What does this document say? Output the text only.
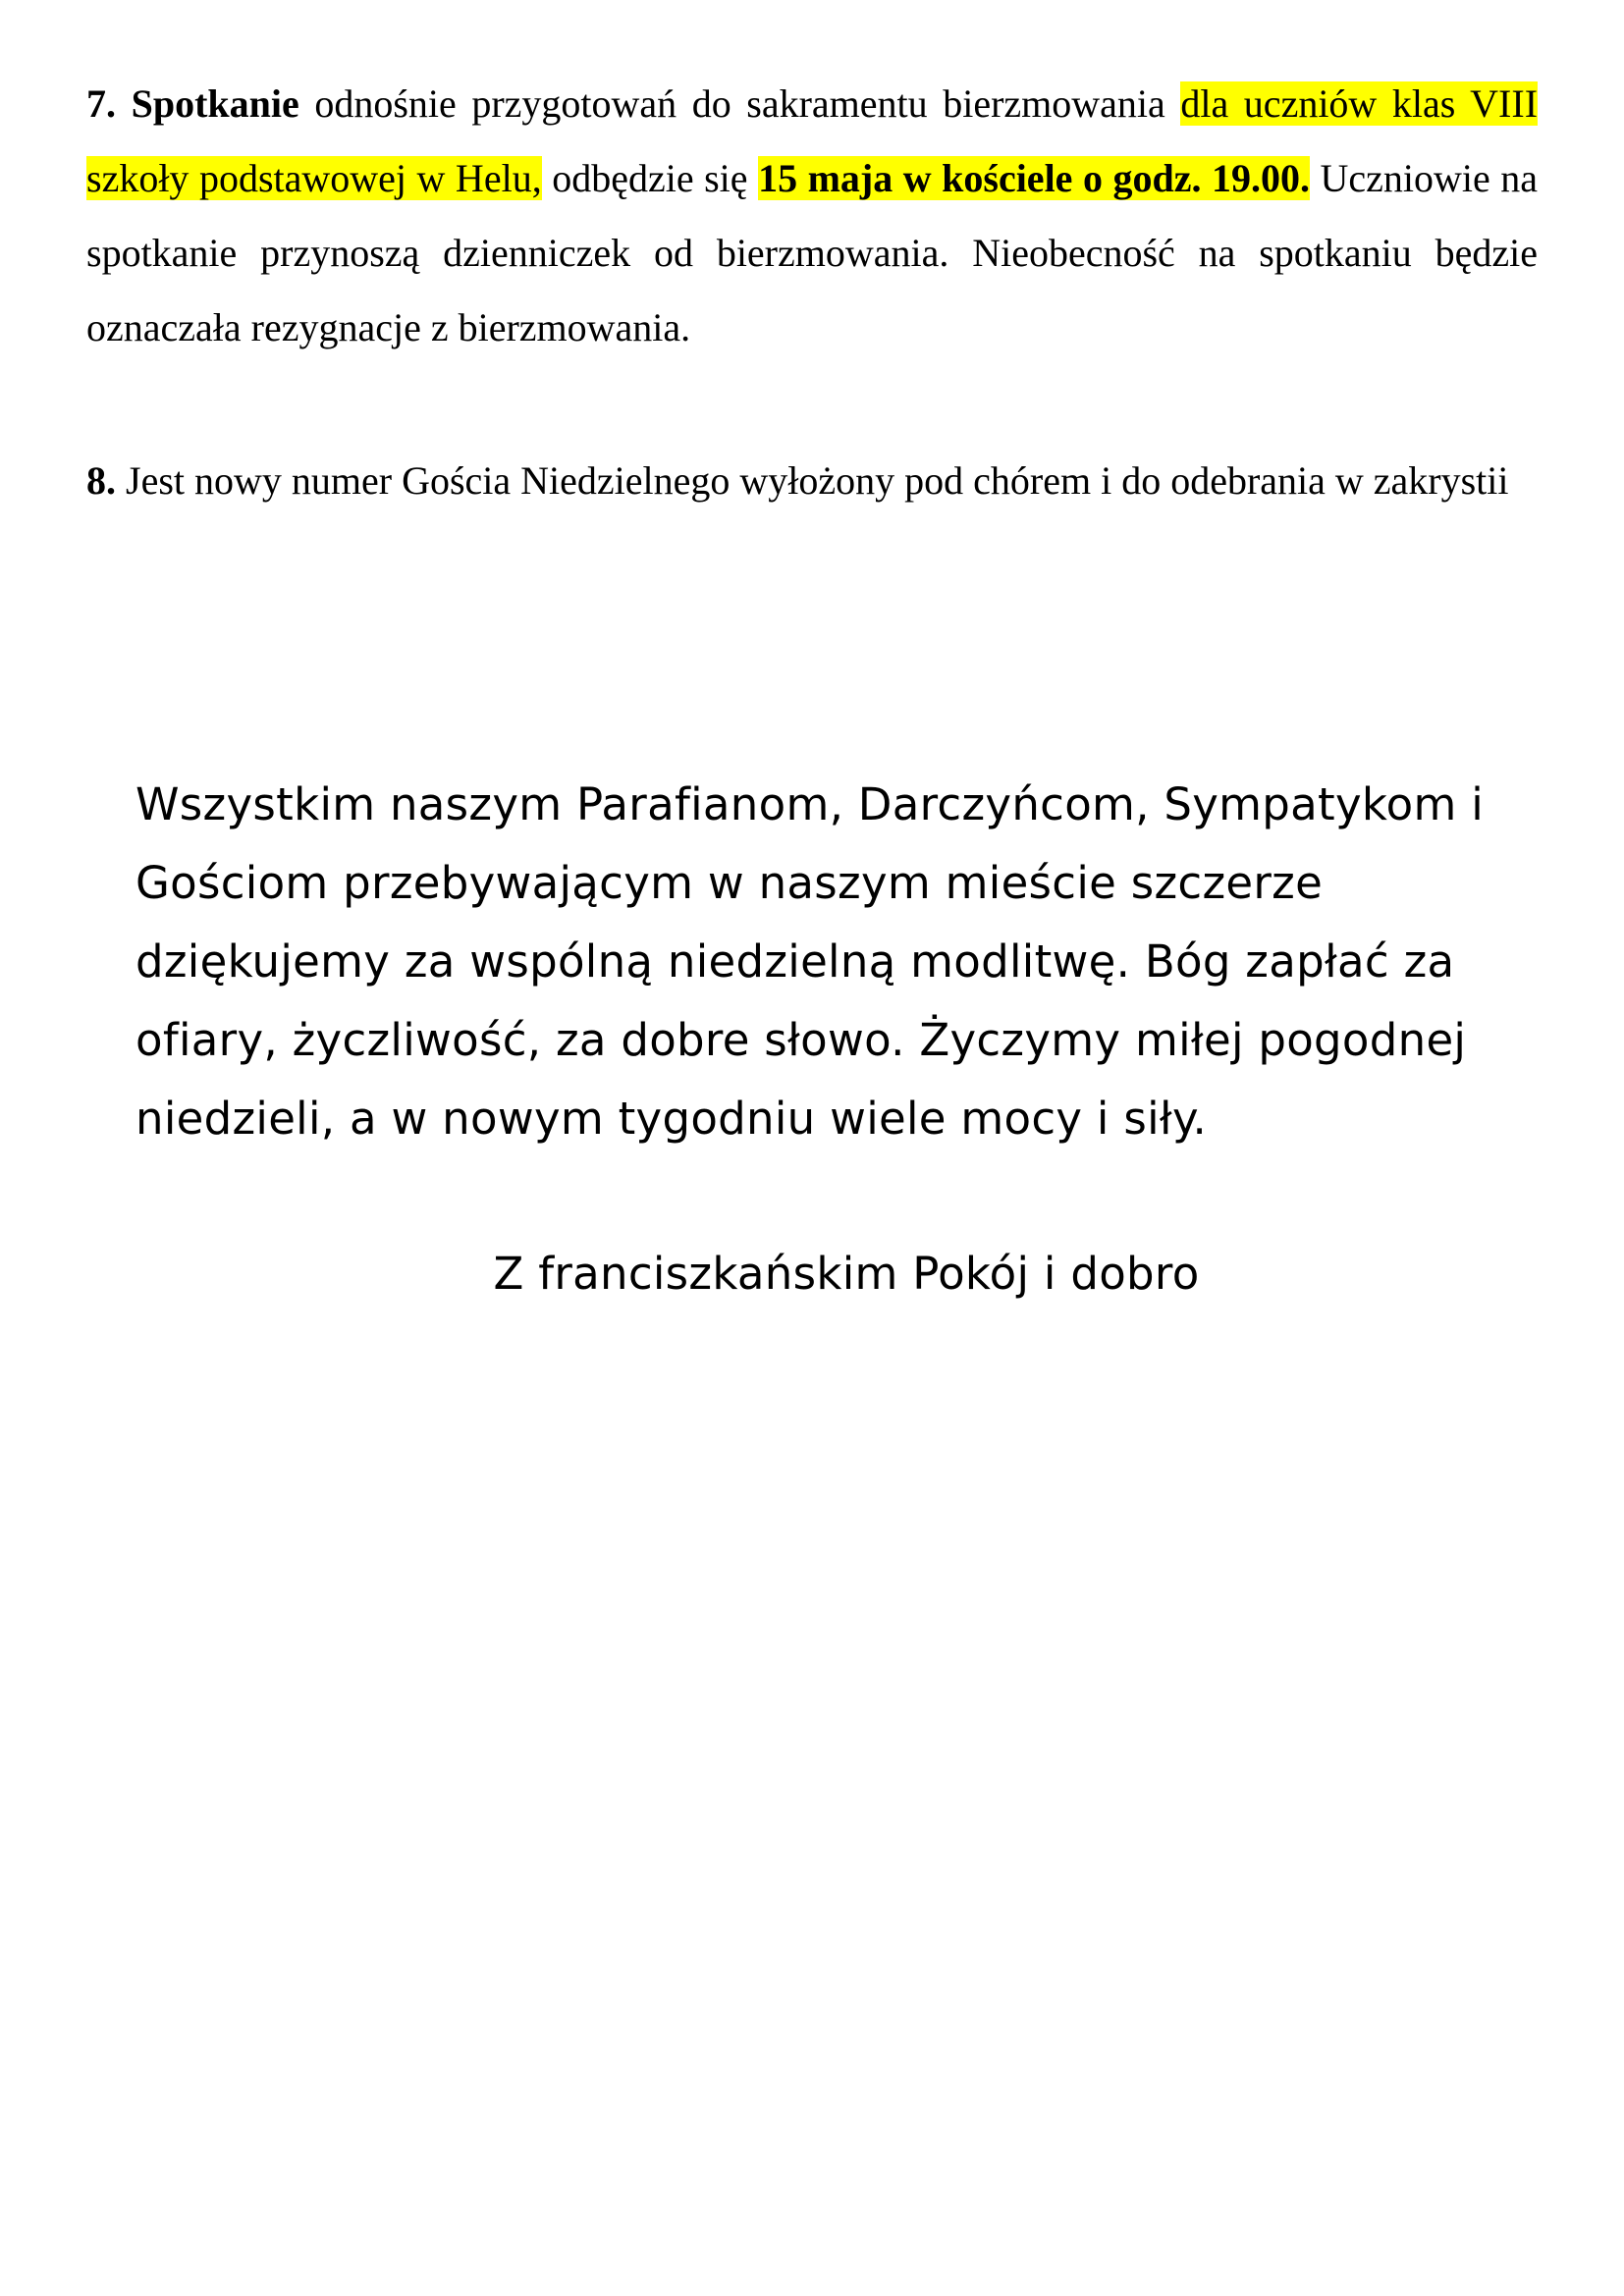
7. Spotkanie odnośnie przygotowań do sakramentu bierzmowania dla uczniów klas VIII szkoły podstawowej w Helu, odbędzie się 15 maja w kościele o godz. 19.00. Uczniowie na spotkanie przynoszą dzienniczek od bierzmowania. Nieobecność na spotkaniu będzie oznaczała rezygnacje z bierzmowania.

8. Jest nowy numer Gościa Niedzielnego wyłożony pod chórem i do odebrania w zakrystii

Wszystkim naszym Parafianom, Darczyńcom, Sympatykom i Gościom przebywającym w naszym mieście szczerze dziękujemy za wspólną niedzielną modlitwę. Bóg zapłać za ofiary, życzliwość, za dobre słowo. Życzymy miłej pogodnej niedzieli, a w nowym tygodniu wiele mocy i siły.

Z franciszkańskim Pokój i dobro
